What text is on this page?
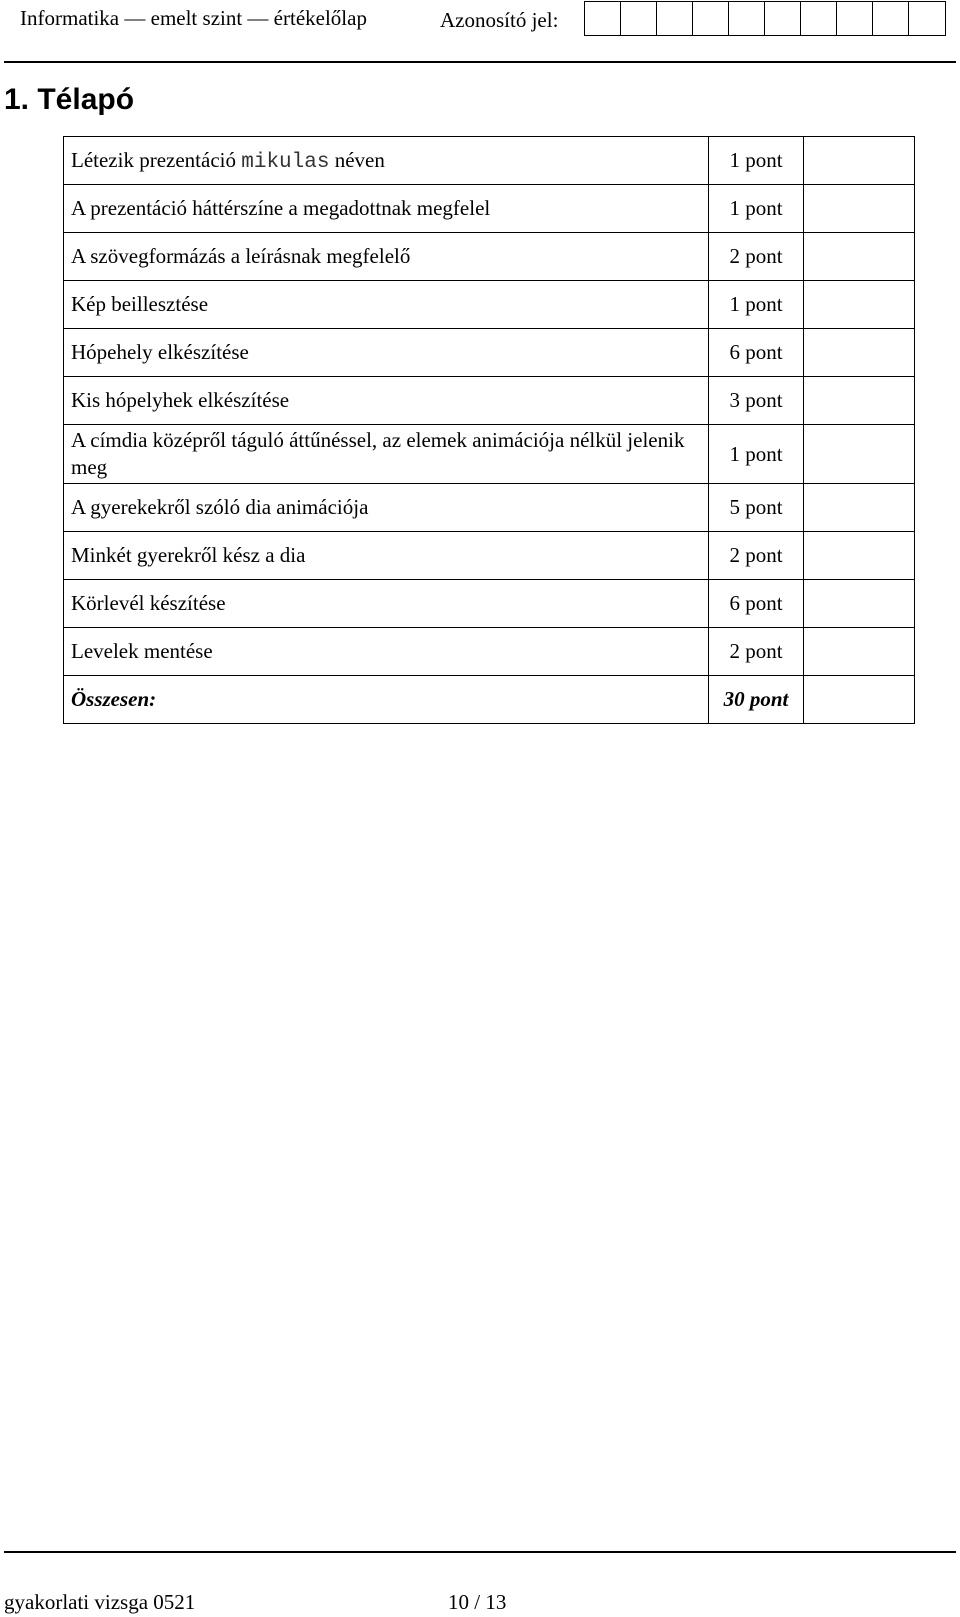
Informatika — emelt szint — értékelőlap	Azonosító jel:
1. Télapó
Létezik prezentáció mikulas néven	1 pont	
A prezentáció háttérszíne a megadottnak megfelel	1 pont	
A szövegformázás a leírásnak megfelelő	2 pont	
Kép beillesztése	1 pont	
Hópehely elkészítése	6 pont	
Kis hópelyhek elkészítése	3 pont	
A címdia középről táguló áttűnéssel, az elemek animációja nélkül jelenik meg	1 pont	
A gyerekekről szóló dia animációja	5 pont	
Minkét gyerekről kész a dia	2 pont	
Körlevél készítése	6 pont	
Levelek mentése	2 pont	
Összesen:	30 pont	
gyakorlati vizsga 0521	10 / 13
